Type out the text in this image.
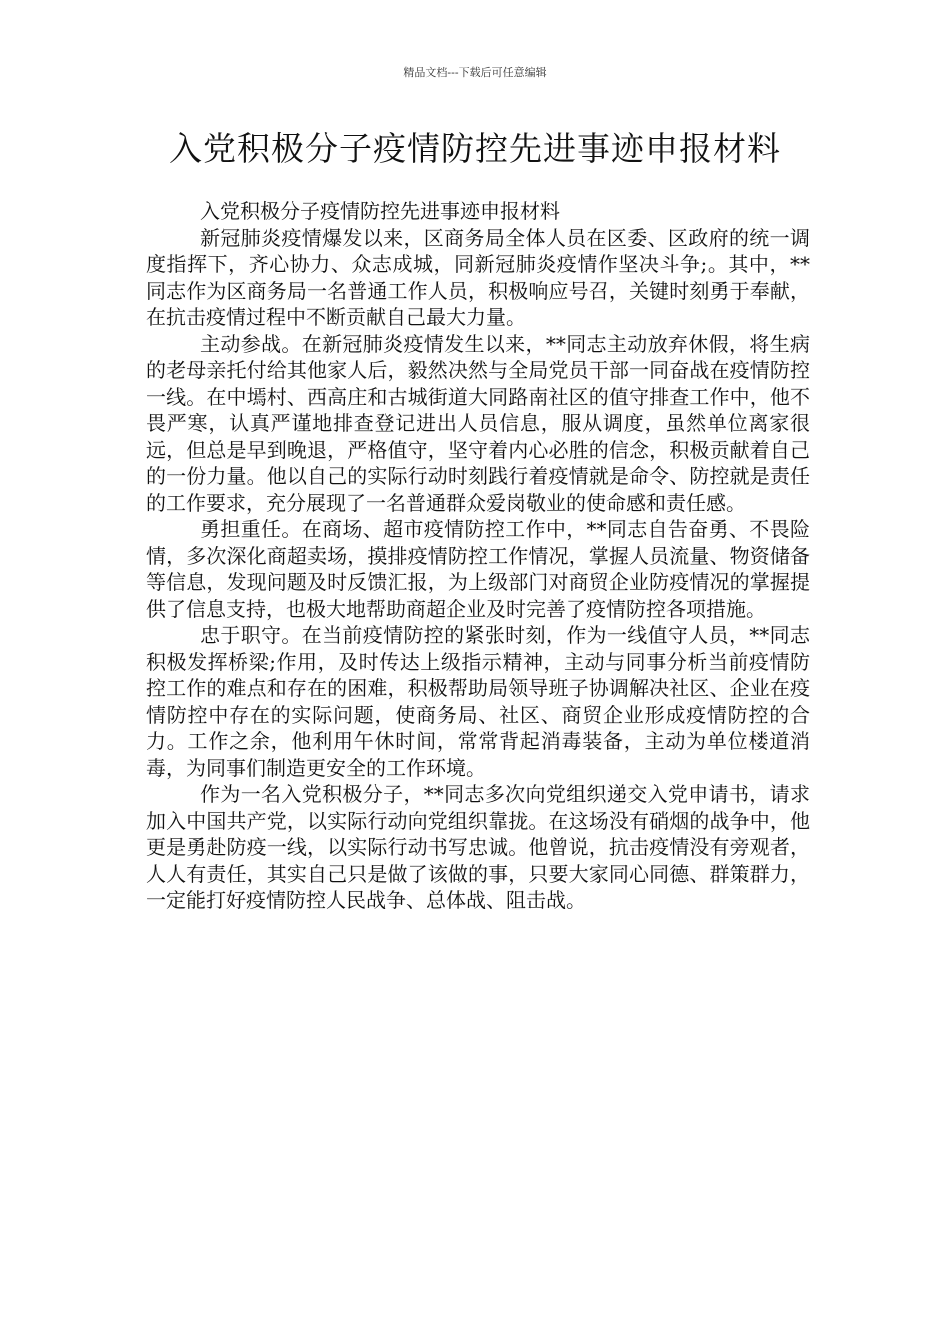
精品文档---下载后可任意编辑
入党积极分子疫情防控先进事迹申报材料

入党积极分子疫情防控先进事迹申报材料

新冠肺炎疫情爆发以来，区商务局全体人员在区委、区政府的统一调度指挥下，齐心协力、众志成城，同新冠肺炎疫情作坚决斗争;。其中，**同志作为区商务局一名普通工作人员，积极响应号召，关键时刻勇于奉献，在抗击疫情过程中不断贡献自己最大力量。

主动参战。在新冠肺炎疫情发生以来，**同志主动放弃休假，将生病的老母亲托付给其他家人后，毅然决然与全局党员干部一同奋战在疫情防控一线。在中墕村、西高庄和古城街道大同路南社区的值守排查工作中，他不畏严寒，认真严谨地排查登记进出人员信息，服从调度，虽然单位离家很远，但总是早到晚退，严格值守，坚守着内心必胜的信念，积极贡献着自己的一份力量。他以自己的实际行动时刻践行着疫情就是命令、防控就是责任的工作要求，充分展现了一名普通群众爱岗敬业的使命感和责任感。

勇担重任。在商场、超市疫情防控工作中，**同志自告奋勇、不畏险情，多次深化商超卖场，摸排疫情防控工作情况，掌握人员流量、物资储备等信息，发现问题及时反馈汇报，为上级部门对商贸企业防疫情况的掌握提供了信息支持，也极大地帮助商超企业及时完善了疫情防控各项措施。

忠于职守。在当前疫情防控的紧张时刻，作为一线值守人员，**同志积极发挥桥梁;作用，及时传达上级指示精神，主动与同事分析当前疫情防控工作的难点和存在的困难，积极帮助局领导班子协调解决社区、企业在疫情防控中存在的实际问题，使商务局、社区、商贸企业形成疫情防控的合力。工作之余，他利用午休时间，常常背起消毒装备，主动为单位楼道消毒，为同事们制造更安全的工作环境。

作为一名入党积极分子，**同志多次向党组织递交入党申请书，请求加入中国共产党，以实际行动向党组织靠拢。在这场没有硝烟的战争中，他更是勇赴防疫一线，以实际行动书写忠诚。他曾说，抗击疫情没有旁观者，人人有责任，其实自己只是做了该做的事，只要大家同心同德、群策群力，一定能打好疫情防控人民战争、总体战、阻击战。
